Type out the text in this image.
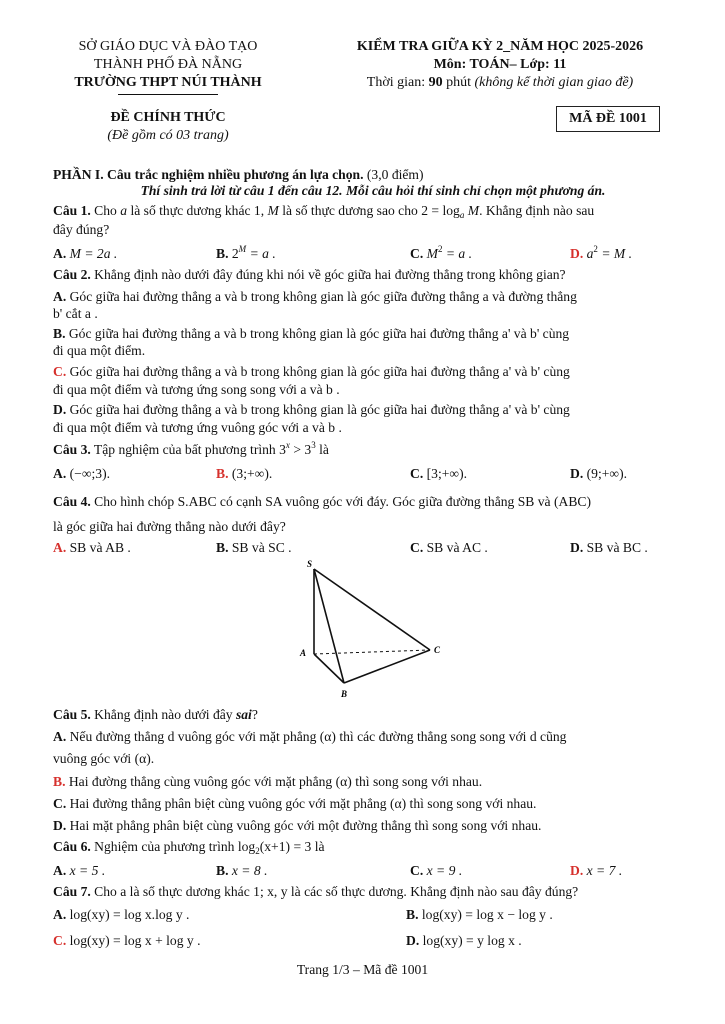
SỞ GIÁO DỤC VÀ ĐÀO TẠO
THÀNH PHỐ ĐÀ NẴNG
TRƯỜNG THPT NÚI THÀNH
KIỂM TRA GIỮA KỲ 2_NĂM HỌC 2025-2026
Môn: TOÁN– Lớp: 11
Thời gian: 90 phút (không kể thời gian giao đề)
ĐỀ CHÍNH THỨC
(Đề gồm có 03 trang)
MÃ ĐỀ 1001
PHẦN I. Câu trắc nghiệm nhiều phương án lựa chọn. (3,0 điểm)
Thí sinh trả lời từ câu 1 đến câu 12. Mỗi câu hỏi thí sinh chỉ chọn một phương án.
Câu 1. Cho a là số thực dương khác 1, M là số thực dương sao cho $2 = \log_a M$. Khẳng định nào sau
đây đúng?
A. M = 2a .	B. $2^M = a$ .	C. $M^2 = a$ .	D. $a^2 = M$ .
Câu 2. Khẳng định nào dưới đây đúng khi nói về góc giữa hai đường thẳng trong không gian?
A. Góc giữa hai đường thẳng a và b trong không gian là góc giữa đường thẳng a và đường thẳng
b' cắt a .
B. Góc giữa hai đường thẳng a và b trong không gian là góc giữa hai đường thẳng a' và b' cùng
đi qua một điểm.
C. Góc giữa hai đường thẳng a và b trong không gian là góc giữa hai đường thẳng a' và b' cùng
đi qua một điểm và tương ứng song song với a và b .
D. Góc giữa hai đường thẳng a và b trong không gian là góc giữa hai đường thẳng a' và b' cùng
đi qua một điểm và tương ứng vuông góc với a và b .
Câu 3. Tập nghiệm của bất phương trình $3^x > 3^3$ là
A. (−∞;3).	B. (3;+∞).	C. [3;+∞).	D. (9;+∞).
Câu 4. Cho hình chóp S.ABC có cạnh SA vuông góc với đáy. Góc giữa đường thẳng SB và (ABC)
là góc giữa hai đường thẳng nào dưới đây?
A. SB và AB .	B. SB và SC .	C. SB và AC .	D. SB và BC .
S
A
B
C
Câu 5. Khẳng định nào dưới đây sai?
A. Nếu đường thẳng d vuông góc với mặt phẳng (α) thì các đường thẳng song song với d cũng
vuông góc với (α).
B. Hai đường thẳng cùng vuông góc với mặt phẳng (α) thì song song với nhau.
C. Hai đường thẳng phân biệt cùng vuông góc với mặt phẳng (α) thì song song với nhau.
D. Hai mặt phẳng phân biệt cùng vuông góc với một đường thẳng thì song song với nhau.
Câu 6. Nghiệm của phương trình $\log_2(x+1) = 3$ là
A. x = 5 .	B. x = 8 .	C. x = 9 .	D. x = 7 .
Câu 7. Cho a là số thực dương khác 1; x, y là các số thực dương. Khẳng định nào sau đây đúng?
A. log(xy) = log x.log y .	B. log(xy) = log x − log y .
C. log(xy) = log x + log y .	D. log(xy) = y log x .
Trang 1/3 – Mã đề 1001
